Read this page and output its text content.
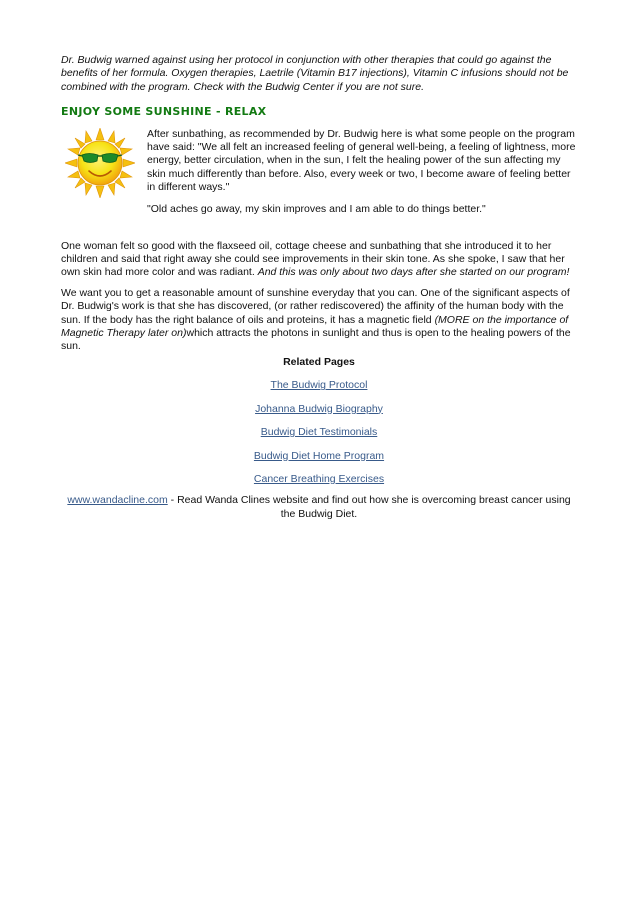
Dr. Budwig warned against using her protocol in conjunction with other therapies that could go against the benefits of her formula. Oxygen therapies, Laetrile (Vitamin B17 injections), Vitamin C infusions should not be combined with the program. Check with the Budwig Center if you are not sure.

ENJOY SOME SUNSHINE - RELAX

After sunbathing, as recommended by Dr. Budwig here is what some people on the program have said: "We all felt an increased feeling of general well-being, a feeling of lightness, more energy, better circulation, when in the sun, I felt the healing power of the sun affecting my skin much differently than before. Also, every week or two, I become aware of feeling better in different ways."

"Old aches go away, my skin improves and I am able to do things better."

One woman felt so good with the flaxseed oil, cottage cheese and sunbathing that she introduced it to her children and said that right away she could see improvements in their skin tone. As she spoke, I saw that her own skin had more color and was radiant. And this was only about two days after she started on our program!

We want you to get a reasonable amount of sunshine everyday that you can. One of the significant aspects of Dr. Budwig's work is that she has discovered, (or rather rediscovered) the affinity of the human body with the sun. If the body has the right balance of oils and proteins, it has a magnetic field (MORE on the importance of Magnetic Therapy later on)which attracts the photons in sunlight and thus is open to the healing powers of the sun.

Related Pages
The Budwig Protocol
Johanna Budwig Biography
Budwig Diet Testimonials
Budwig Diet Home Program
Cancer Breathing Exercises
www.wandacline.com - Read Wanda Clines website and find out how she is overcoming breast cancer using the Budwig Diet.
